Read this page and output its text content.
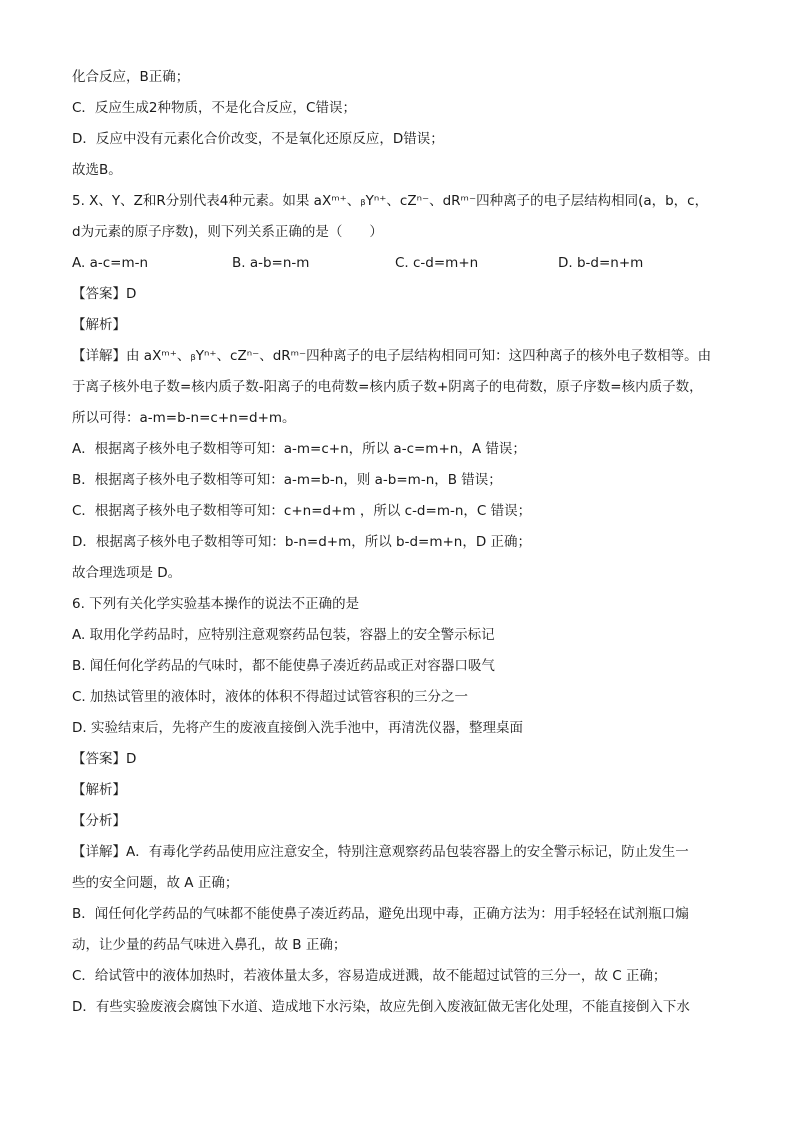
化合反应，B正确；
C．反应生成2种物质，不是化合反应，C错误；
D．反应中没有元素化合价改变，不是氧化还原反应，D错误；
故选B。
5. X、Y、Z和R分别代表4种元素。如果 aXᵐ⁺、ᵦYⁿ⁺、cZⁿ⁻、dRᵐ⁻四种离子的电子层结构相同(a，b，c，
d为元素的原子序数)，则下列关系正确的是（　　）
A. a-c=m-n	B. a-b=n-m	C. c-d=m+n	D. b-d=n+m
【答案】D
【解析】
【详解】由 aXᵐ⁺、ᵦYⁿ⁺、cZⁿ⁻、dRᵐ⁻四种离子的电子层结构相同可知：这四种离子的核外电子数相等。由
于离子核外电子数=核内质子数-阳离子的电荷数=核内质子数+阴离子的电荷数，原子序数=核内质子数，
所以可得：a-m=b-n=c+n=d+m。
A．根据离子核外电子数相等可知：a-m=c+n，所以 a-c=m+n，A 错误；
B．根据离子核外电子数相等可知：a-m=b-n，则 a-b=m-n，B 错误；
C．根据离子核外电子数相等可知：c+n=d+m ，所以 c-d=m-n，C 错误；
D．根据离子核外电子数相等可知：b-n=d+m，所以 b-d=m+n，D 正确；
故合理选项是 D。
6. 下列有关化学实验基本操作的说法不正确的是
A. 取用化学药品时，应特别注意观察药品包装，容器上的安全警示标记
B. 闻任何化学药品的气味时，都不能使鼻子凑近药品或正对容器口吸气
C. 加热试管里的液体时，液体的体积不得超过试管容积的三分之一
D. 实验结束后，先将产生的废液直接倒入洗手池中，再清洗仪器，整理桌面
【答案】D
【解析】
【分析】
【详解】A．有毒化学药品使用应注意安全，特别注意观察药品包装容器上的安全警示标记，防止发生一
些的安全问题，故 A 正确；
B．闻任何化学药品的气味都不能使鼻子凑近药品，避免出现中毒，正确方法为：用手轻轻在试剂瓶口煽
动，让少量的药品气味进入鼻孔，故 B 正确；
C．给试管中的液体加热时，若液体量太多，容易造成迸溅，故不能超过试管的三分一，故 C 正确；
D．有些实验废液会腐蚀下水道、造成地下水污染，故应先倒入废液缸做无害化处理，不能直接倒入下水
